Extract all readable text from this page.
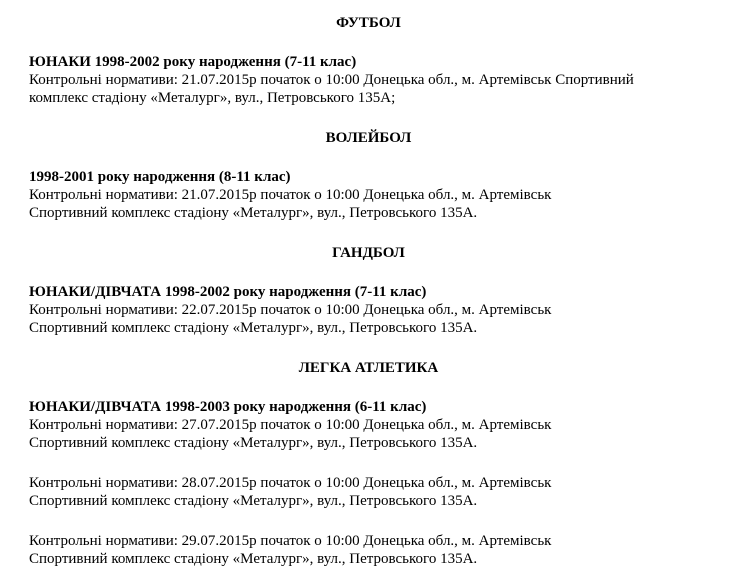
ФУТБОЛ
ЮНАКИ 1998-2002 року народження (7-11 клас)
Контрольні нормативи: 21.07.2015р початок о 10:00 Донецька обл., м. Артемівськ Спортивний
комплекс стадіону «Металург», вул., Петровського 135А;
ВОЛЕЙБОЛ
1998-2001 року народження (8-11 клас)
Контрольні нормативи: 21.07.2015р початок о 10:00 Донецька обл., м. Артемівськ
Спортивний комплекс стадіону «Металург», вул., Петровського 135А.
ГАНДБОЛ
ЮНАКИ/ДІВЧАТА 1998-2002 року народження (7-11 клас)
Контрольні нормативи: 22.07.2015р початок о 10:00 Донецька обл., м. Артемівськ
Спортивний комплекс стадіону «Металург», вул., Петровського 135А.
ЛЕГКА АТЛЕТИКА
ЮНАКИ/ДІВЧАТА 1998-2003 року народження (6-11 клас)
Контрольні нормативи: 27.07.2015р початок о 10:00 Донецька обл., м. Артемівськ
Спортивний комплекс стадіону «Металург», вул., Петровського 135А.
Контрольні нормативи: 28.07.2015р початок о 10:00 Донецька обл., м. Артемівськ
Спортивний комплекс стадіону «Металург», вул., Петровського 135А.
Контрольні нормативи: 29.07.2015р початок о 10:00 Донецька обл., м. Артемівськ
Спортивний комплекс стадіону «Металург», вул., Петровського 135А.
